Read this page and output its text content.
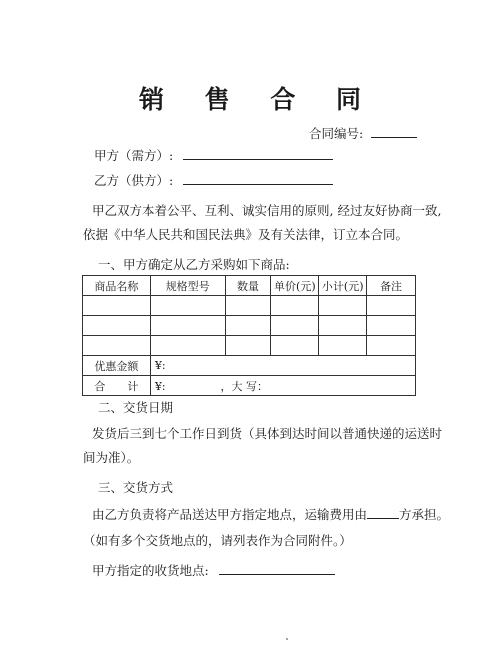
销 售 合 同
合同编号:
甲方（需方）:
乙方（供方）:
甲乙双方本着公平、互利、诚实信用的原则, 经过友好协商一致,
依据《中华人民共和国民法典》及有关法律，订立本合同。
一、甲方确定从乙方采购如下商品:
商品名称	规格型号	数量	单价(元)	小计(元)	备注

优惠金额	¥:				
合　　计	¥:　　　　　，大 写：				
二、交货日期
发货后三到七个工作日到货（具体到达时间以普通快递的运送时
间为准）。
三、交货方式
由乙方负责将产品送达甲方指定地点，运输费用由	方承担。
（如有多个交货地点的，请列表作为合同附件。）
甲方指定的收货地点:
